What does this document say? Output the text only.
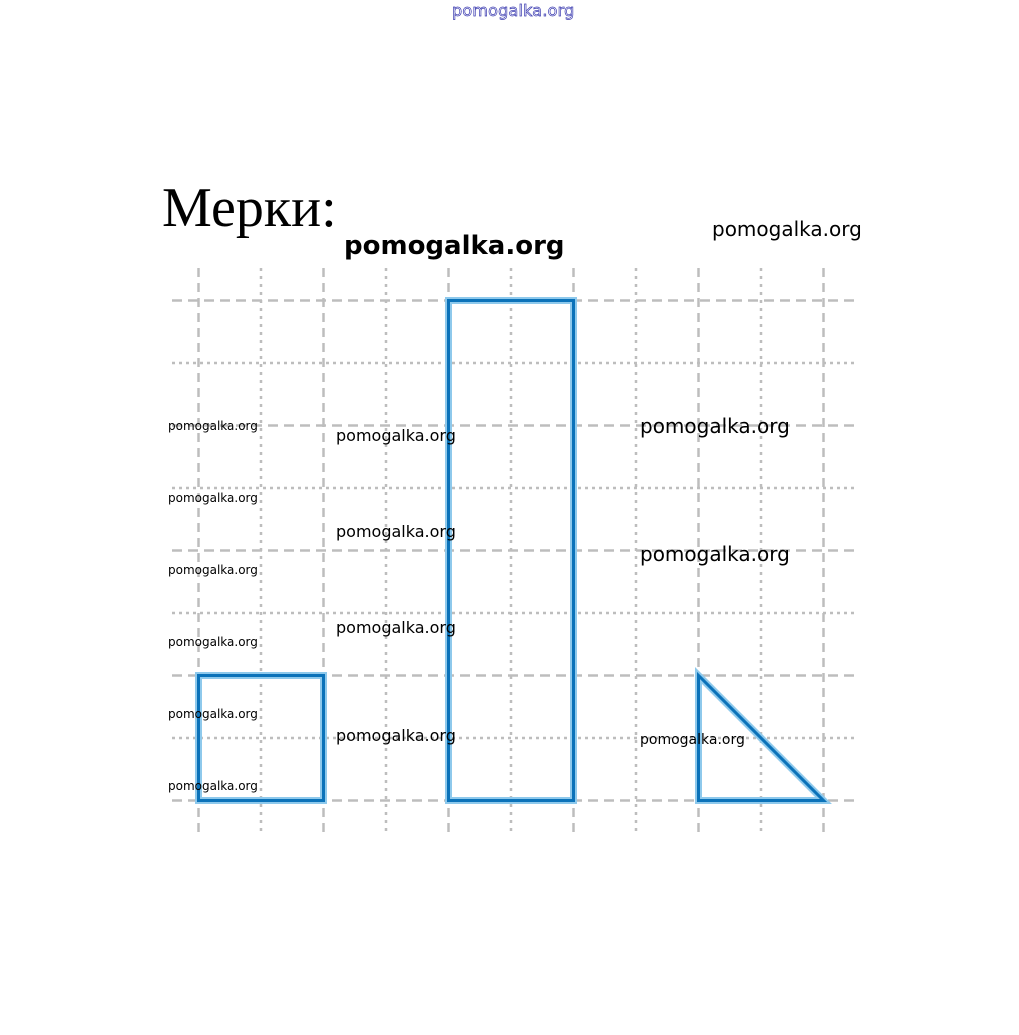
pomogalka.org
Мерки:
pomogalka.org
pomogalka.org
pomogalka.org
pomogalka.org
pomogalka.org
pomogalka.org
pomogalka.org
pomogalka.org
pomogalka.org
pomogalka.org
pomogalka.org
pomogalka.org
pomogalka.org
pomogalka.org
pomogalka.org
